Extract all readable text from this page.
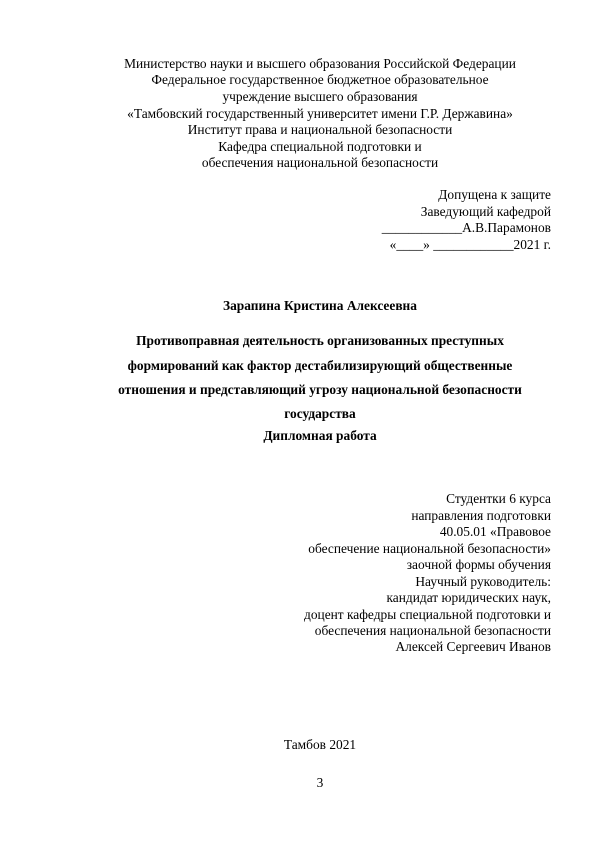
Министерство науки и высшего образования Российской Федерации
Федеральное государственное бюджетное образовательное
учреждение высшего образования
«Тамбовский государственный университет имени Г.Р. Державина»
Институт права и национальной безопасности
Кафедра специальной подготовки и
обеспечения национальной безопасности
Допущена к защите
Заведующий кафедрой
____________А.В.Парамонов
«____» ____________2021 г.
Зарапина Кристина Алексеевна
Противоправная деятельность организованных преступных
формирований как фактор дестабилизирующий общественные
отношения и представляющий угрозу национальной безопасности
государства
Дипломная работа
Студентки 6 курса
направления подготовки
40.05.01 «Правовое
обеспечение национальной безопасности»
заочной формы обучения
Научный руководитель:
кандидат юридических наук,
доцент кафедры специальной подготовки и
обеспечения национальной безопасности
Алексей Сергеевич Иванов
Тамбов 2021
3
